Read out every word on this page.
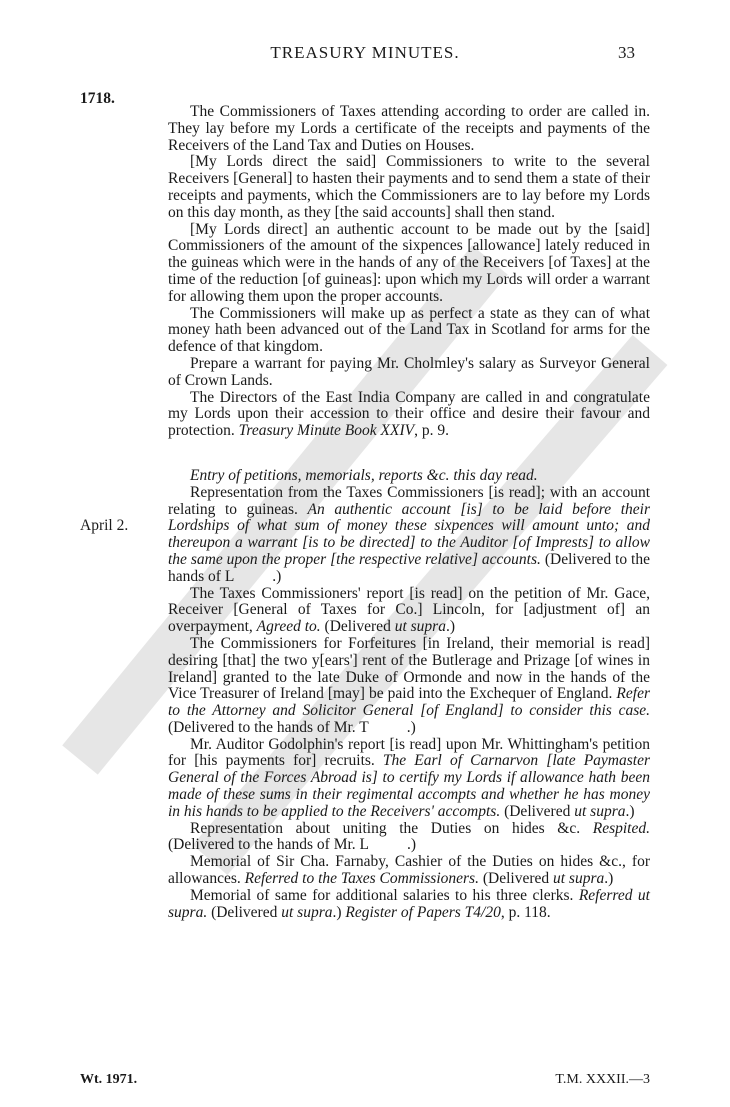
TREASURY MINUTES.	33
1718.
April 2.

The Commissioners of Taxes attending according to order are called in. They lay before my Lords a certificate of the receipts and payments of the Receivers of the Land Tax and Duties on Houses.

[My Lords direct the said] Commissioners to write to the several Receivers [General] to hasten their payments and to send them a state of their receipts and payments, which the Commissioners are to lay before my Lords on this day month, as they [the said accounts] shall then stand.

[My Lords direct] an authentic account to be made out by the [said] Commissioners of the amount of the sixpences [allowance] lately reduced in the guineas which were in the hands of any of the Receivers [of Taxes] at the time of the reduction [of guineas]: upon which my Lords will order a warrant for allowing them upon the proper accounts.

The Commissioners will make up as perfect a state as they can of what money hath been advanced out of the Land Tax in Scotland for arms for the defence of that kingdom.

Prepare a warrant for paying Mr. Cholmley's salary as Surveyor General of Crown Lands.

The Directors of the East India Company are called in and congratulate my Lords upon their accession to their office and desire their favour and protection. Treasury Minute Book XXIV, p. 9.

Entry of petitions, memorials, reports &c. this day read.

Representation from the Taxes Commissioners [is read]; with an account relating to guineas. An authentic account [is] to be laid before their Lordships of what sum of money these sixpences will amount unto; and thereupon a warrant [is to be directed] to the Auditor [of Imprests] to allow the same upon the proper [the respective relative] accounts. (Delivered to the hands of L .)

The Taxes Commissioners' report [is read] on the petition of Mr. Gace, Receiver [General of Taxes for Co.] Lincoln, for [adjustment of] an overpayment, Agreed to. (Delivered ut supra.)

The Commissioners for Forfeitures [in Ireland, their memorial is read] desiring [that] the two y[ears'] rent of the Butlerage and Prizage [of wines in Ireland] granted to the late Duke of Ormonde and now in the hands of the Vice Treasurer of Ireland [may] be paid into the Exchequer of England. Refer to the Attorney and Solicitor General [of England] to consider this case. (Delivered to the hands of Mr. T .)

Mr. Auditor Godolphin's report [is read] upon Mr. Whittingham's petition for [his payments for] recruits. The Earl of Carnarvon [late Paymaster General of the Forces Abroad is] to certify my Lords if allowance hath been made of these sums in their regimental accompts and whether he has money in his hands to be applied to the Receivers' accompts. (Delivered ut supra.)

Representation about uniting the Duties on hides &c. Respited. (Delivered to the hands of Mr. L .)

Memorial of Sir Cha. Farnaby, Cashier of the Duties on hides &c., for allowances. Referred to the Taxes Commissioners. (Delivered ut supra.)

Memorial of same for additional salaries to his three clerks. Referred ut supra. (Delivered ut supra.) Register of Papers T4/20, p. 118.

Wt. 1971.	T.M. XXXII.—3
